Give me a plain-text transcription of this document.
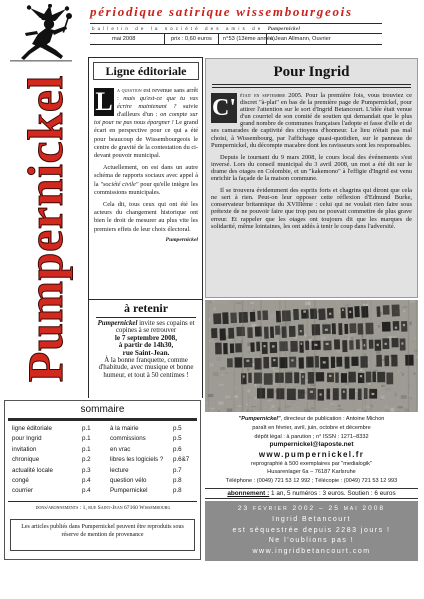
périodique satirique wissembourgeois
bulletin de la société des amis de Pumpernickel
mai 2008	prix : 0,60 euros n°53 (13ème année)
à Jean Allmann, Ouvrier
Pumpernickel
Ligne éditoriale

L a question est revenue sans arrêt : mais qu'est-ce que tu vas écrire maintenant ? suivie d'ailleurs d'un : on compte sur toi pour ne pas nous épargner ! Le grand écart en perspective pour ce qui a été pour beaucoup de Wissembourgeois le centre de gravité de la contestation du ci-devant pouvoir municipal.

Actuellement, on est dans un autre schéma de rapports sociaux avec appel à la "société civile" pour qu'elle intègre les commissions municipales.

Cela dit, tous ceux qui ont été les acteurs du changement historique ont bien le droit de mesurer au plus vite les premiers effets de leur choix électoral.

Pumpernickel
Pour Ingrid

C' était en septembre 2005. Pour la première fois, vous trouviez ce discret "à-plat" en bas de la première page de Pumpernickel, pour attirer l'attention sur le sort d'Ingrid Betancourt. L'idée était venue d'un courriel de son comité de soutien qui demandait que le plus grand nombre de communes françaises l'adopte et fasse d'elle et de ses camarades de captivité des citoyens d'honneur. Le lieu n'était pas mal choisi, à Wissembourg, par l'affichage quasi-quotidien, sur le panneau de Pumpernickel, du décompte macabre dont les ravisseurs sont les responsables.

Depuis le tournant du 9 mars 2008, le cours local des événements s'est inversé. Lors du conseil municipal du 3 avril 2008, un mot a été dit sur le drame des otages en Colombie, et un "kakemono" à l'effigie d'Ingrid est venu enrichir la façade de la maison commune.

Il se trouvera évidemment des esprits forts et chagrins qui diront que cela ne sert à rien. Peut-on leur opposer cette réflexion d'Edmund Burke, conservateur britannique du XVIIIème : celui qui ne voulait rien faire sous prétexte de ne pouvoir faire que trop peu ne pouvait commettre de plus grave erreur. Et rappeler que les otages ont toujours dit que les marques de solidarité, même lointaines, les ont aidés à tenir le coup dans l'adversité.

à retenir
Pumpernickel invite ses copains et copines à se retrouver
le 7 septembre 2008,
à partir de 14h30,
rue Saint-Jean.
À la bonne franquette, comme d'habitude, avec musique et bonne humeur, et tout à 50 centimes !
sommaire
ligne éditoriale	p.1
pour Ingrid	p.1
invitation	p.1
chronique	p.2
actualité locale	p.3
congé	p.4
courrier	p.4
à la mairie	p.5
commissions	p.5
en vrac	p.6
libres les logiciels ? p.6&7
lecture	p.7
question vélo	p.8
Pumpernickel	p.8
dons/abonnements : 1, rue Saint-Jean 67160 Wissembourg
Les articles publiés dans Pumpernickel peuvent être reproduits sous réserve de mention de provenance
"Pumpernickel", directeur de publication : Antoine Michon
paraît en février, avril, juin, octobre et décembre
dépôt légal : à parution ; n° ISSN : 1271–8332
pumpernickel@laposte.net
www.pumpernickel.fr
reprographié à 500 exemplaires par "medialogik"
Husarenlager 6a – 76187 Karlsruhe
Téléphone : (0049) 721 53 12 992 ; Télécopie : (0049) 721 53 12 993
abonnement : 1 an, 5 numéros : 3 euros. Soutien : 6 euros
23 février 2002 – 25 mai 2008
Ingrid Betancourt
est séquestrée depuis 2283 jours !
Ne l'oublions pas !
www.ingridbetancourt.com
